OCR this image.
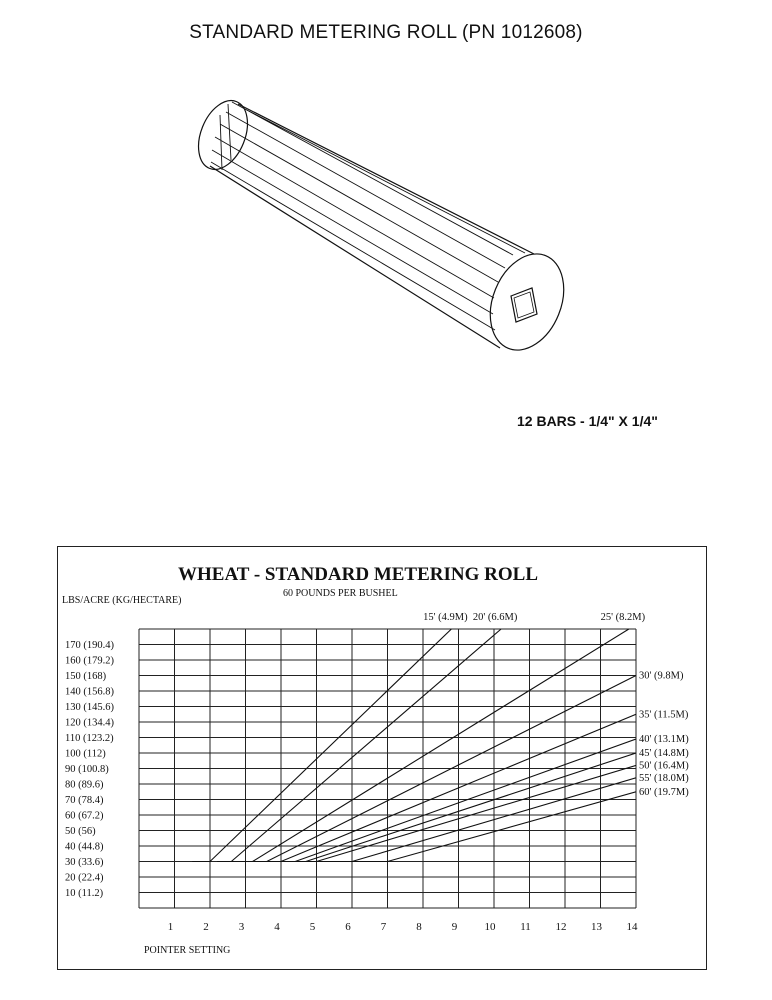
STANDARD METERING ROLL (PN 1012608)
12 BARS - 1/4" X 1/4"
WHEAT - STANDARD METERING ROLL
60 POUNDS PER BUSHEL
LBS/ACRE (KG/HECTARE)
POINTER SETTING
1	2	3	4	5	6	7	8	9 10 11 12 13 14
10 (11.2)
20 (22.4)
30 (33.6)
40 (44.8)
50 (56)
60 (67.2)
70 (78.4)
80 (89.6)
90 (100.8)
100 (112)
110 (123.2)
120 (134.4)
130 (145.6)
140 (156.8)
150 (168)
160 (179.2)
170 (190.4)
15' (4.9M) 20' (6.6M)	25' (8.2M)
30' (9.8M)
35' (11.5M)
40' (13.1M)
45' (14.8M)
50' (16.4M)
55' (18.0M)
60' (19.7M)
